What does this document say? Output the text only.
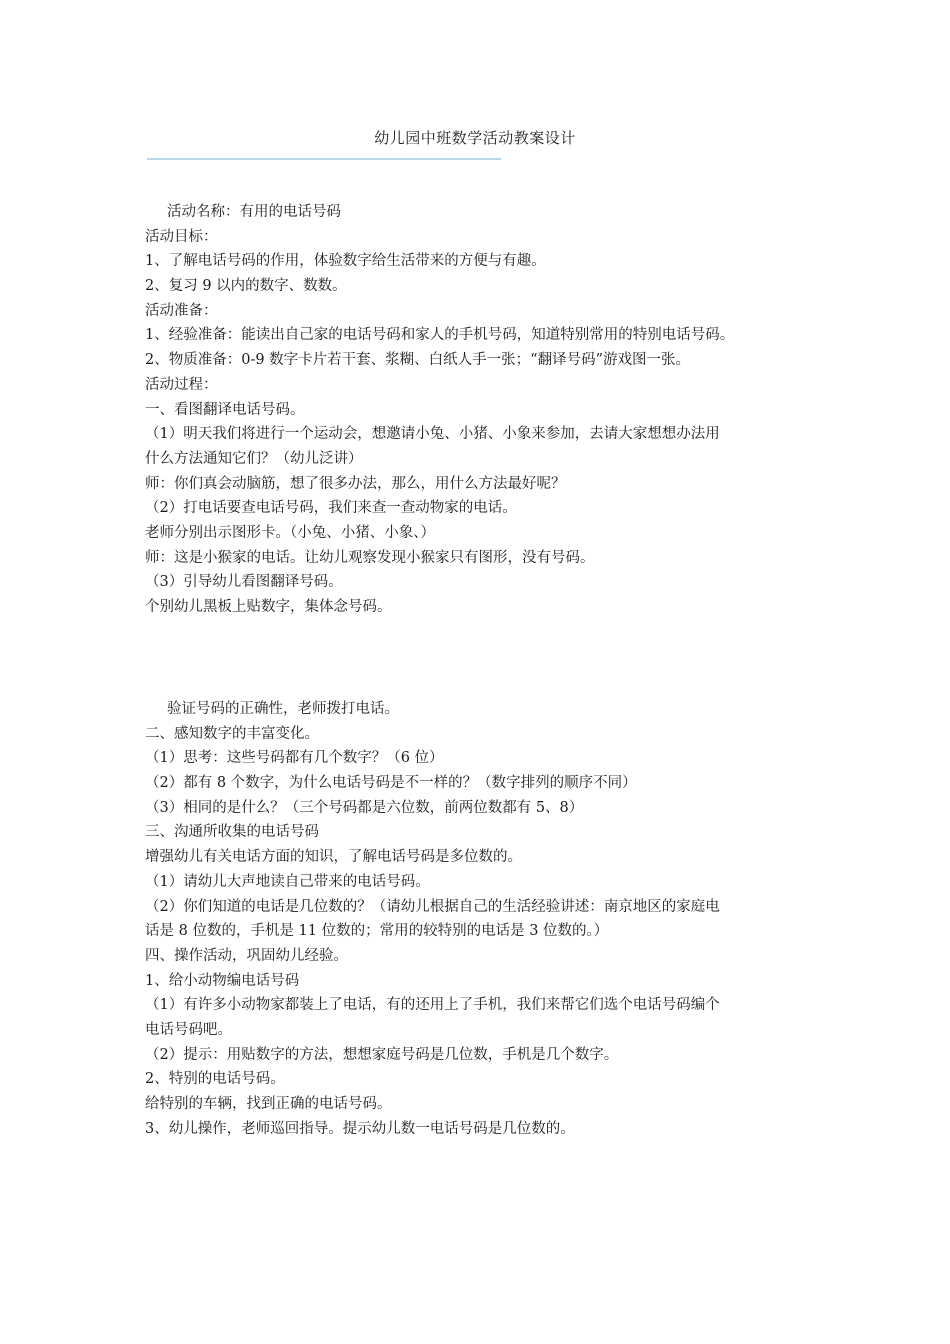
幼儿园中班数学活动教案设计
——————————————————————————————————————————

活动名称：有用的电话号码

活动目标：

1、了解电话号码的作用，体验数字给生活带来的方便与有趣。

2、复习 9 以内的数字、数数。

活动准备：

1、经验准备：能读出自己家的电话号码和家人的手机号码，知道特别常用的特别电话号码。

2、物质准备：0-9 数字卡片若干套、浆糊、白纸人手一张；“翻译号码”游戏图一张。

活动过程：

一、看图翻译电话号码。

（1）明天我们将进行一个运动会，想邀请小兔、小猪、小象来参加，去请大家想想办法用

什么方法通知它们？（幼儿泛讲）

师：你们真会动脑筋，想了很多办法，那么，用什么方法最好呢？

（2）打电话要查电话号码，我们来查一查动物家的电话。

老师分别出示图形卡。（小兔、小猪、小象、）

师：这是小猴家的电话。让幼儿观察发现小猴家只有图形，没有号码。

（3）引导幼儿看图翻译号码。

个别幼儿黑板上贴数字，集体念号码。

验证号码的正确性，老师拨打电话。

二、感知数字的丰富变化。

（1）思考：这些号码都有几个数字？（6 位）

（2）都有 8 个数字，为什么电话号码是不一样的？（数字排列的顺序不同）

（3）相同的是什么？（三个号码都是六位数，前两位数都有 5、8）

三、沟通所收集的电话号码

增强幼儿有关电话方面的知识，了解电话号码是多位数的。

（1）请幼儿大声地读自己带来的电话号码。

（2）你们知道的电话是几位数的？（请幼儿根据自己的生活经验讲述：南京地区的家庭电

话是 8 位数的，手机是 11 位数的；常用的较特别的电话是 3 位数的。）

四、操作活动，巩固幼儿经验。

1、给小动物编电话号码

（1）有许多小动物家都装上了电话，有的还用上了手机，我们来帮它们选个电话号码编个

电话号码吧。

（2）提示：用贴数字的方法，想想家庭号码是几位数，手机是几个数字。

2、特别的电话号码。

给特别的车辆，找到正确的电话号码。

3、幼儿操作，老师巡回指导。提示幼儿数一电话号码是几位数的。
